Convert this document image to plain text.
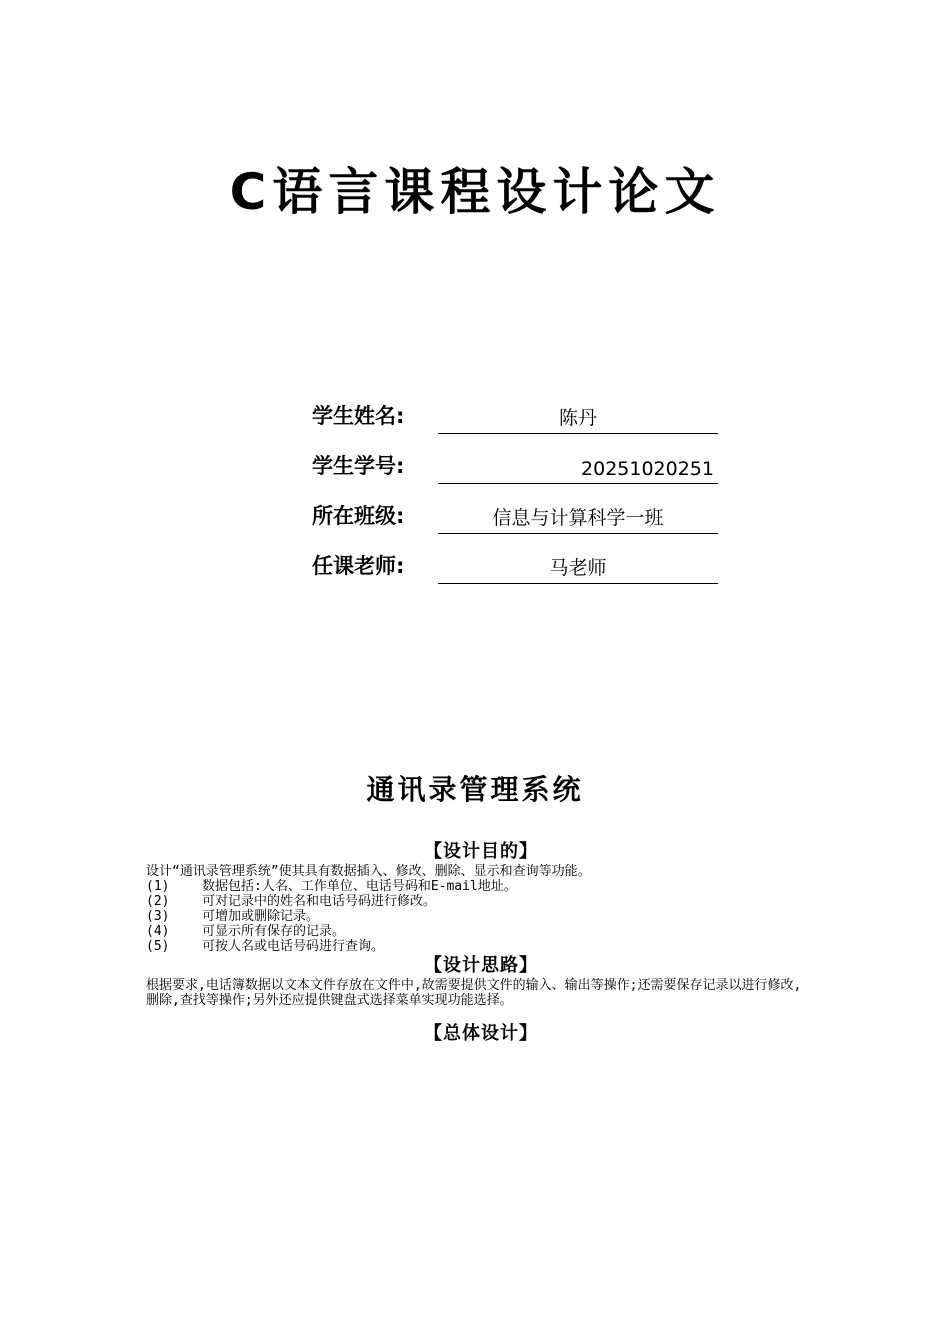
C语言课程设计论文
学生姓名:	陈丹
学生学号:	20251020251
所在班级:	信息与计算科学一班
任课老师:	马老师
通讯录管理系统
【设计目的】
设计“通讯录管理系统”使其具有数据插入、修改、删除、显示和查询等功能。
(1)	数据包括:人名、工作单位、电话号码和E-mail地址。
(2)	可对记录中的姓名和电话号码进行修改。
(3)	可增加或删除记录。
(4)	可显示所有保存的记录。
(5)	可按人名或电话号码进行查询。
【设计思路】
根据要求,电话簿数据以文本文件存放在文件中,故需要提供文件的输入、输出等操作;还需要保存记录以进行修改,删除,查找等操作;另外还应提供键盘式选择菜单实现功能选择。
【总体设计】
